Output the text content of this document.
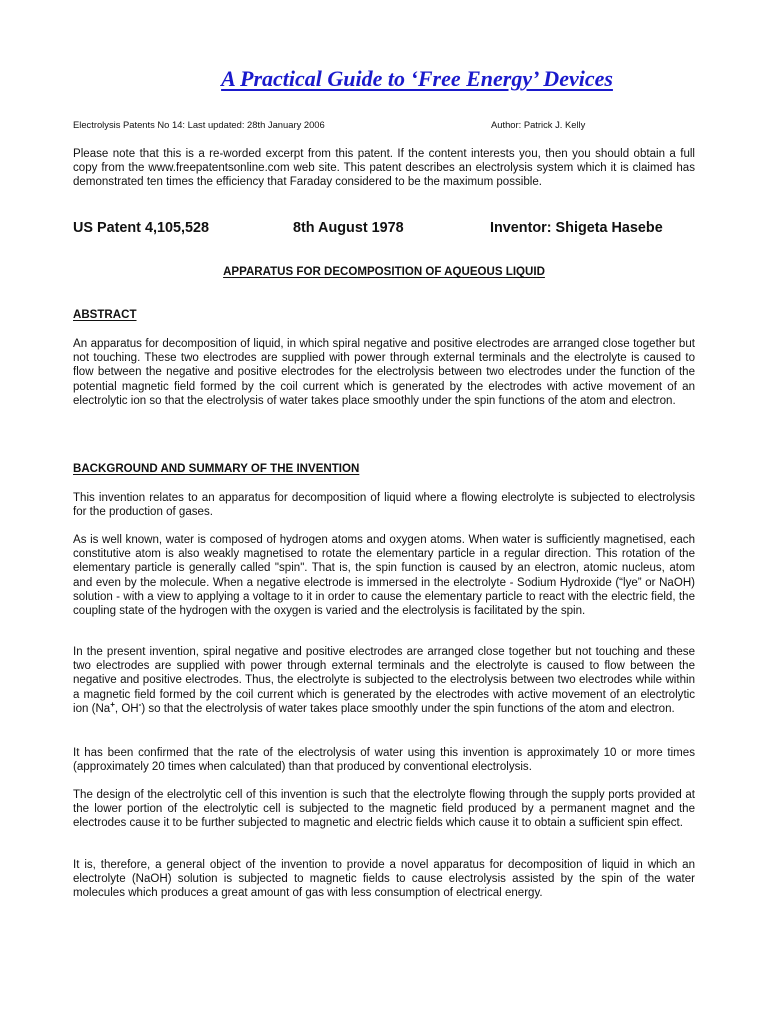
A Practical Guide to ‘Free Energy’ Devices
Electrolysis Patents No 14: Last updated: 28th January 2006	Author: Patrick J. Kelly

Please note that this is a re-worded excerpt from this patent. If the content interests you, then you should obtain a full copy from the www.freepatentsonline.com web site. This patent describes an electrolysis system which it is claimed has demonstrated ten times the efficiency that Faraday considered to be the maximum possible.

US Patent 4,105,528	8th August 1978	Inventor: Shigeta Hasebe
APPARATUS FOR DECOMPOSITION OF AQUEOUS LIQUID
ABSTRACT

An apparatus for decomposition of liquid, in which spiral negative and positive electrodes are arranged close together but not touching. These two electrodes are supplied with power through external terminals and the electrolyte is caused to flow between the negative and positive electrodes for the electrolysis between two electrodes under the function of the potential magnetic field formed by the coil current which is generated by the electrodes with active movement of an electrolytic ion so that the electrolysis of water takes place smoothly under the spin functions of the atom and electron.

BACKGROUND AND SUMMARY OF THE INVENTION

This invention relates to an apparatus for decomposition of liquid where a flowing electrolyte is subjected to electrolysis for the production of gases.

As is well known, water is composed of hydrogen atoms and oxygen atoms. When water is sufficiently magnetised, each constitutive atom is also weakly magnetised to rotate the elementary particle in a regular direction. This rotation of the elementary particle is generally called "spin". That is, the spin function is caused by an electron, atomic nucleus, atom and even by the molecule. When a negative electrode is immersed in the electrolyte - Sodium Hydroxide (“lye” or NaOH) solution - with a view to applying a voltage to it in order to cause the elementary particle to react with the electric field, the coupling state of the hydrogen with the oxygen is varied and the electrolysis is facilitated by the spin.

In the present invention, spiral negative and positive electrodes are arranged close together but not touching and these two electrodes are supplied with power through external terminals and the electrolyte is caused to flow between the negative and positive electrodes. Thus, the electrolyte is subjected to the electrolysis between two electrodes while within a magnetic field formed by the coil current which is generated by the electrodes with active movement of an electrolytic ion (Na+, OH-) so that the electrolysis of water takes place smoothly under the spin functions of the atom and electron.

It has been confirmed that the rate of the electrolysis of water using this invention is approximately 10 or more times (approximately 20 times when calculated) than that produced by conventional electrolysis.

The design of the electrolytic cell of this invention is such that the electrolyte flowing through the supply ports provided at the lower portion of the electrolytic cell is subjected to the magnetic field produced by a permanent magnet and the electrodes cause it to be further subjected to magnetic and electric fields which cause it to obtain a sufficient spin effect.

It is, therefore, a general object of the invention to provide a novel apparatus for decomposition of liquid in which an electrolyte (NaOH) solution is subjected to magnetic fields to cause electrolysis assisted by the spin of the water molecules which produces a great amount of gas with less consumption of electrical energy.
